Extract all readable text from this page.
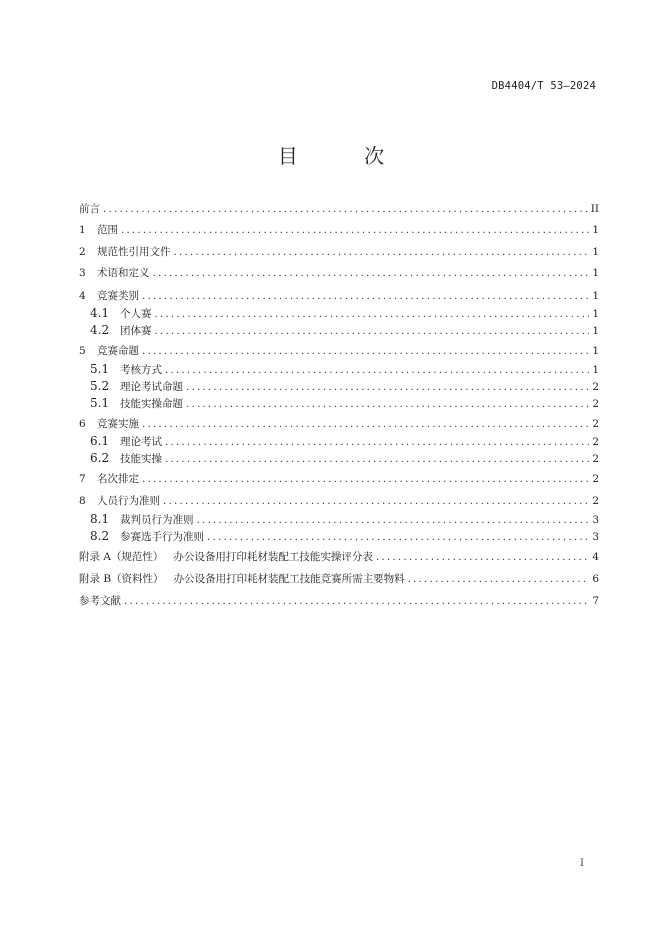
DB4404/T 53—2024
目 次
前言 . . .	II
1	范围 . . .	1
2	规范性引用文件 . . .	1
3	术语和定义 . . .	1
4	竞赛类别 . . .	1
4.1	个人赛 . . .	1
4.2	团体赛 . . .	1
5	竞赛命题 . . .	1
5.1	考核方式 . . .	1
5.2	理论考试命题 . . .	2
5.1	技能实操命题 . . .	2
6	竞赛实施 . . .	2
6.1	理论考试 . . .	2
6.2	技能实操 . . .	2
7	名次排定 . . .	2
8	人员行为准则 . . .	2
8.1	裁判员行为准则 . . .	3
8.2	参赛选手行为准则 . . .	3
附录 A（规范性）   办公设备用打印耗材装配工技能实操评分表 . . .	4
附录 B（资料性）   办公设备用打印耗材装配工技能竞赛所需主要物料 . . .	6
参考文献 . . .	7
I
